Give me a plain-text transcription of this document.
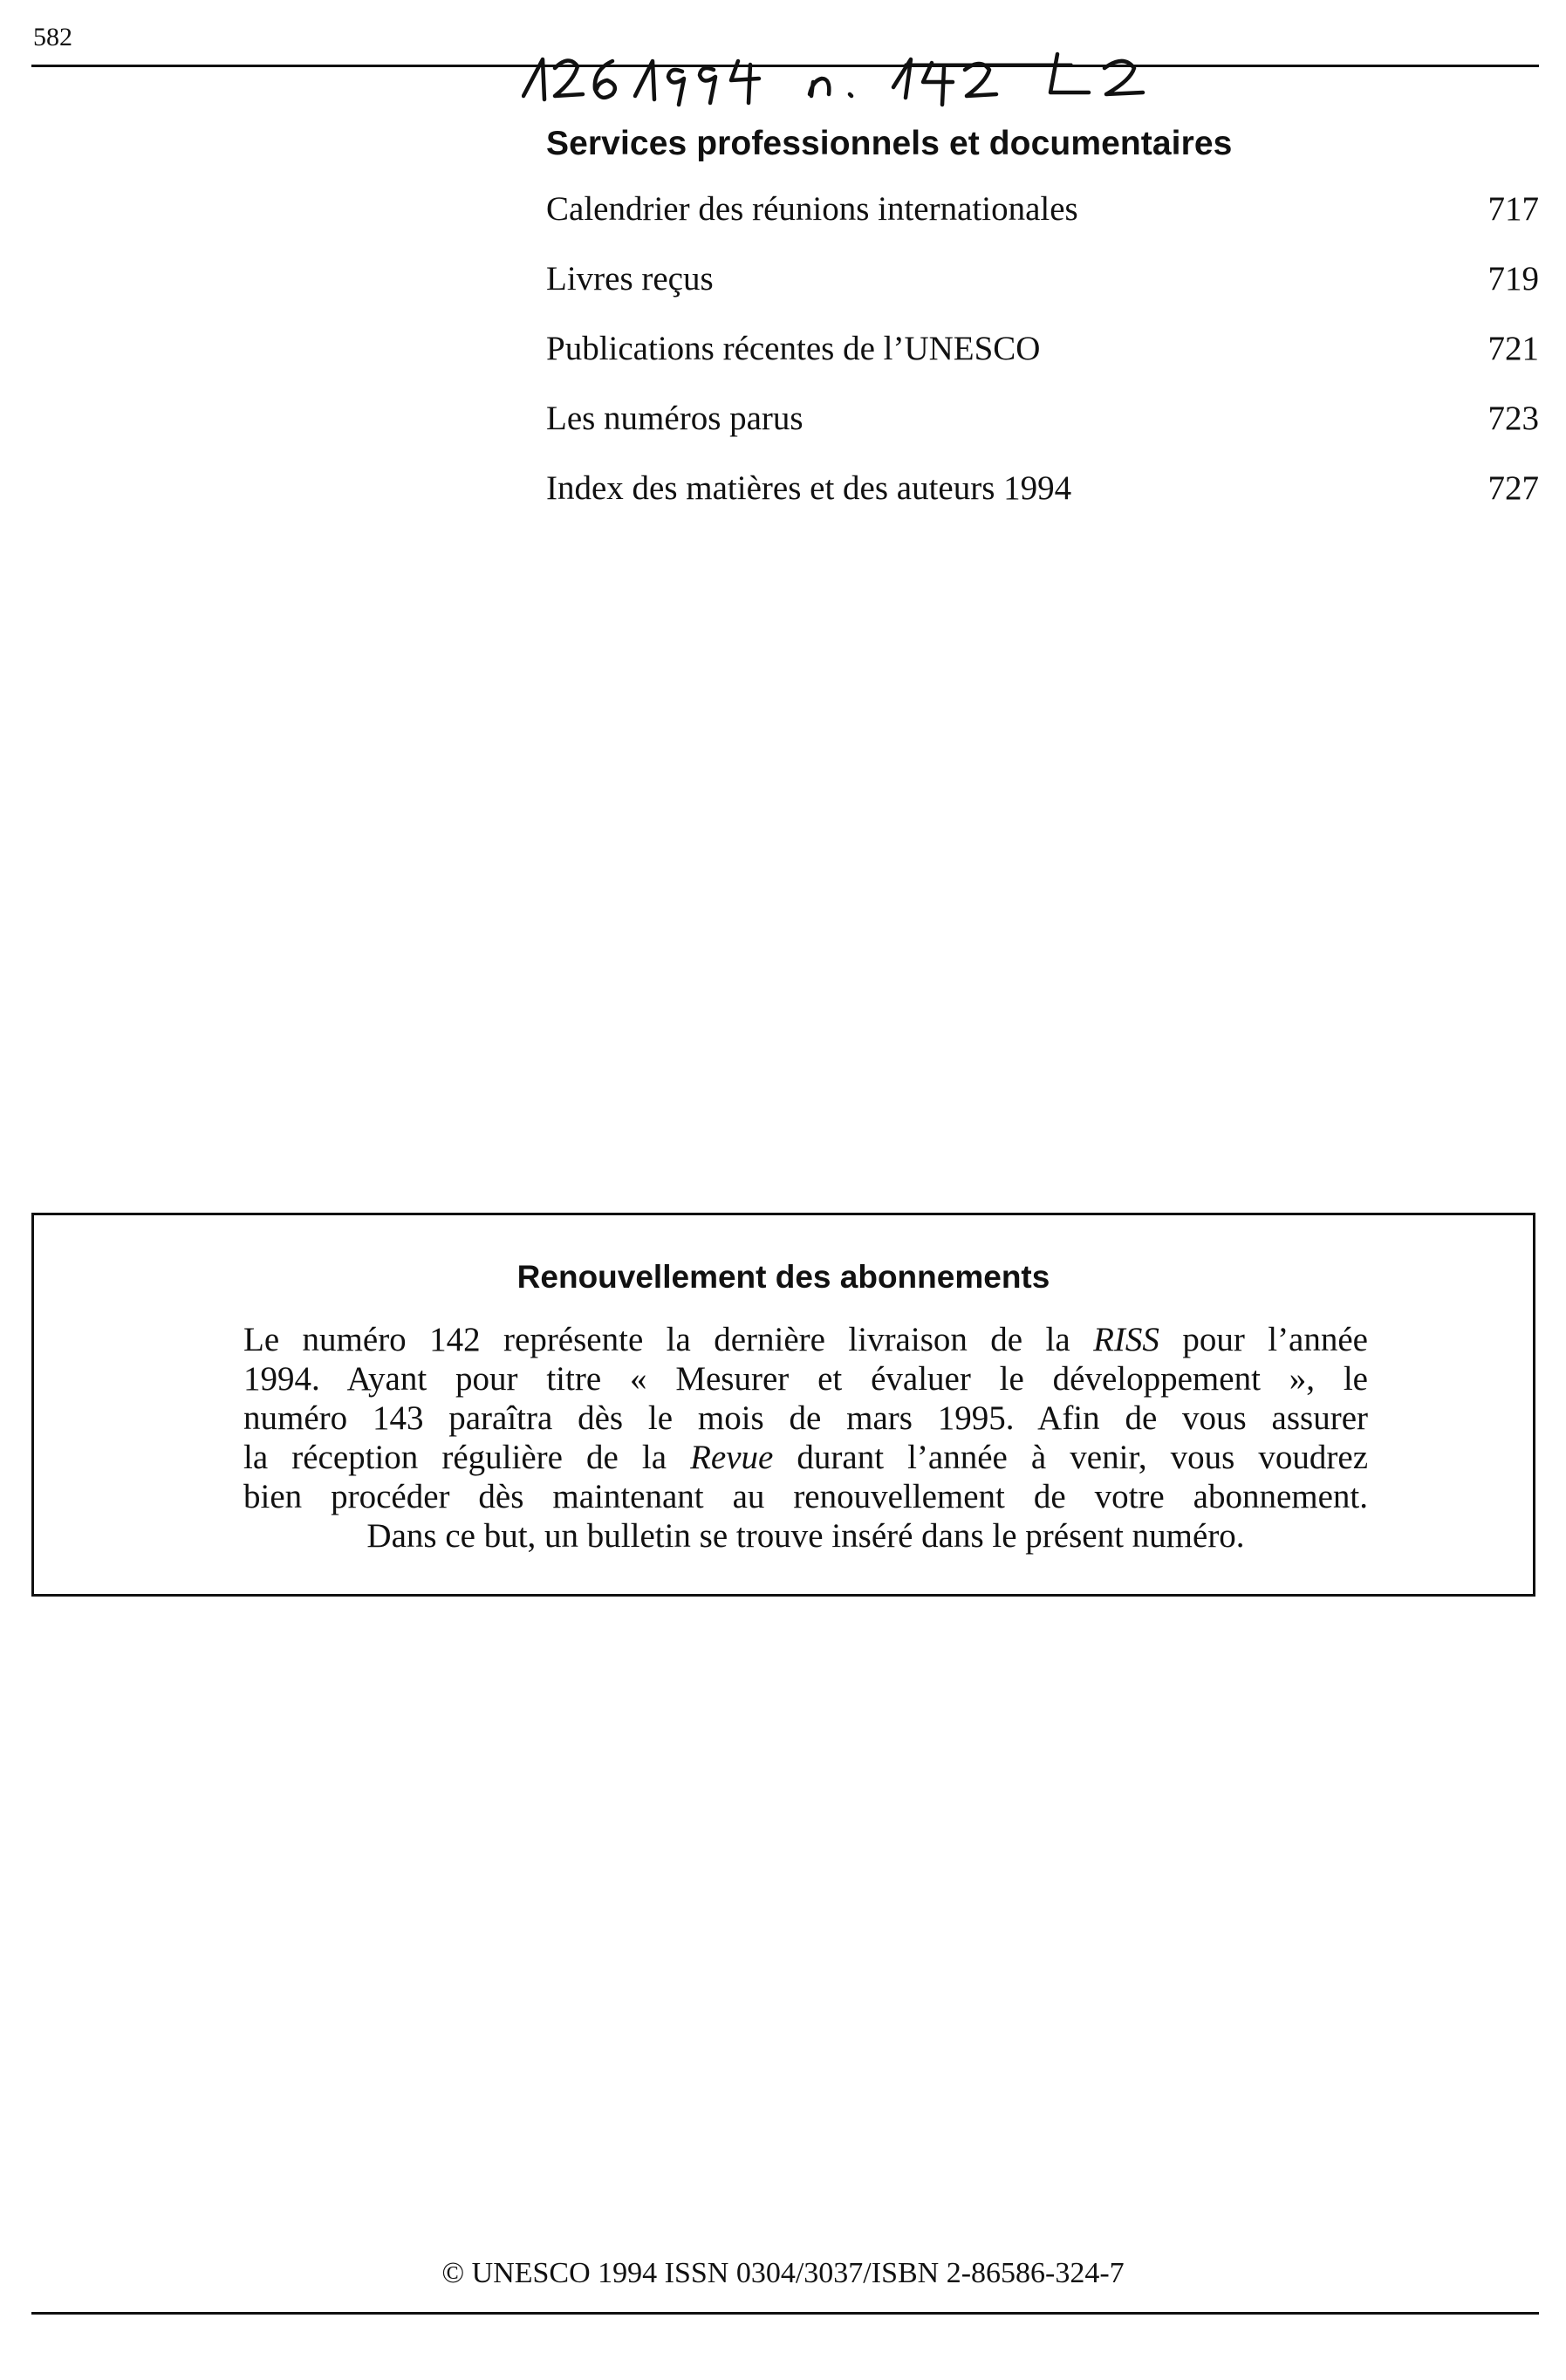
582
Services professionnels et documentaires
Calendrier des réunions internationales	717
Livres reçus	719
Publications récentes de l’UNESCO	721
Les numéros parus	723
Index des matières et des auteurs 1994	727
Renouvellement des abonnements
Le numéro 142 représente la dernière livraison de la RISS pour l’année
1994. Ayant pour titre « Mesurer et évaluer le développement », le
numéro 143 paraîtra dès le mois de mars 1995. Afin de vous assurer
la réception régulière de la Revue durant l’année à venir, vous voudrez
bien procéder dès maintenant au renouvellement de votre abonnement.
Dans ce but, un bulletin se trouve inséré dans le présent numéro.
© UNESCO 1994 ISSN 0304/3037/ISBN 2-86586-324-7
